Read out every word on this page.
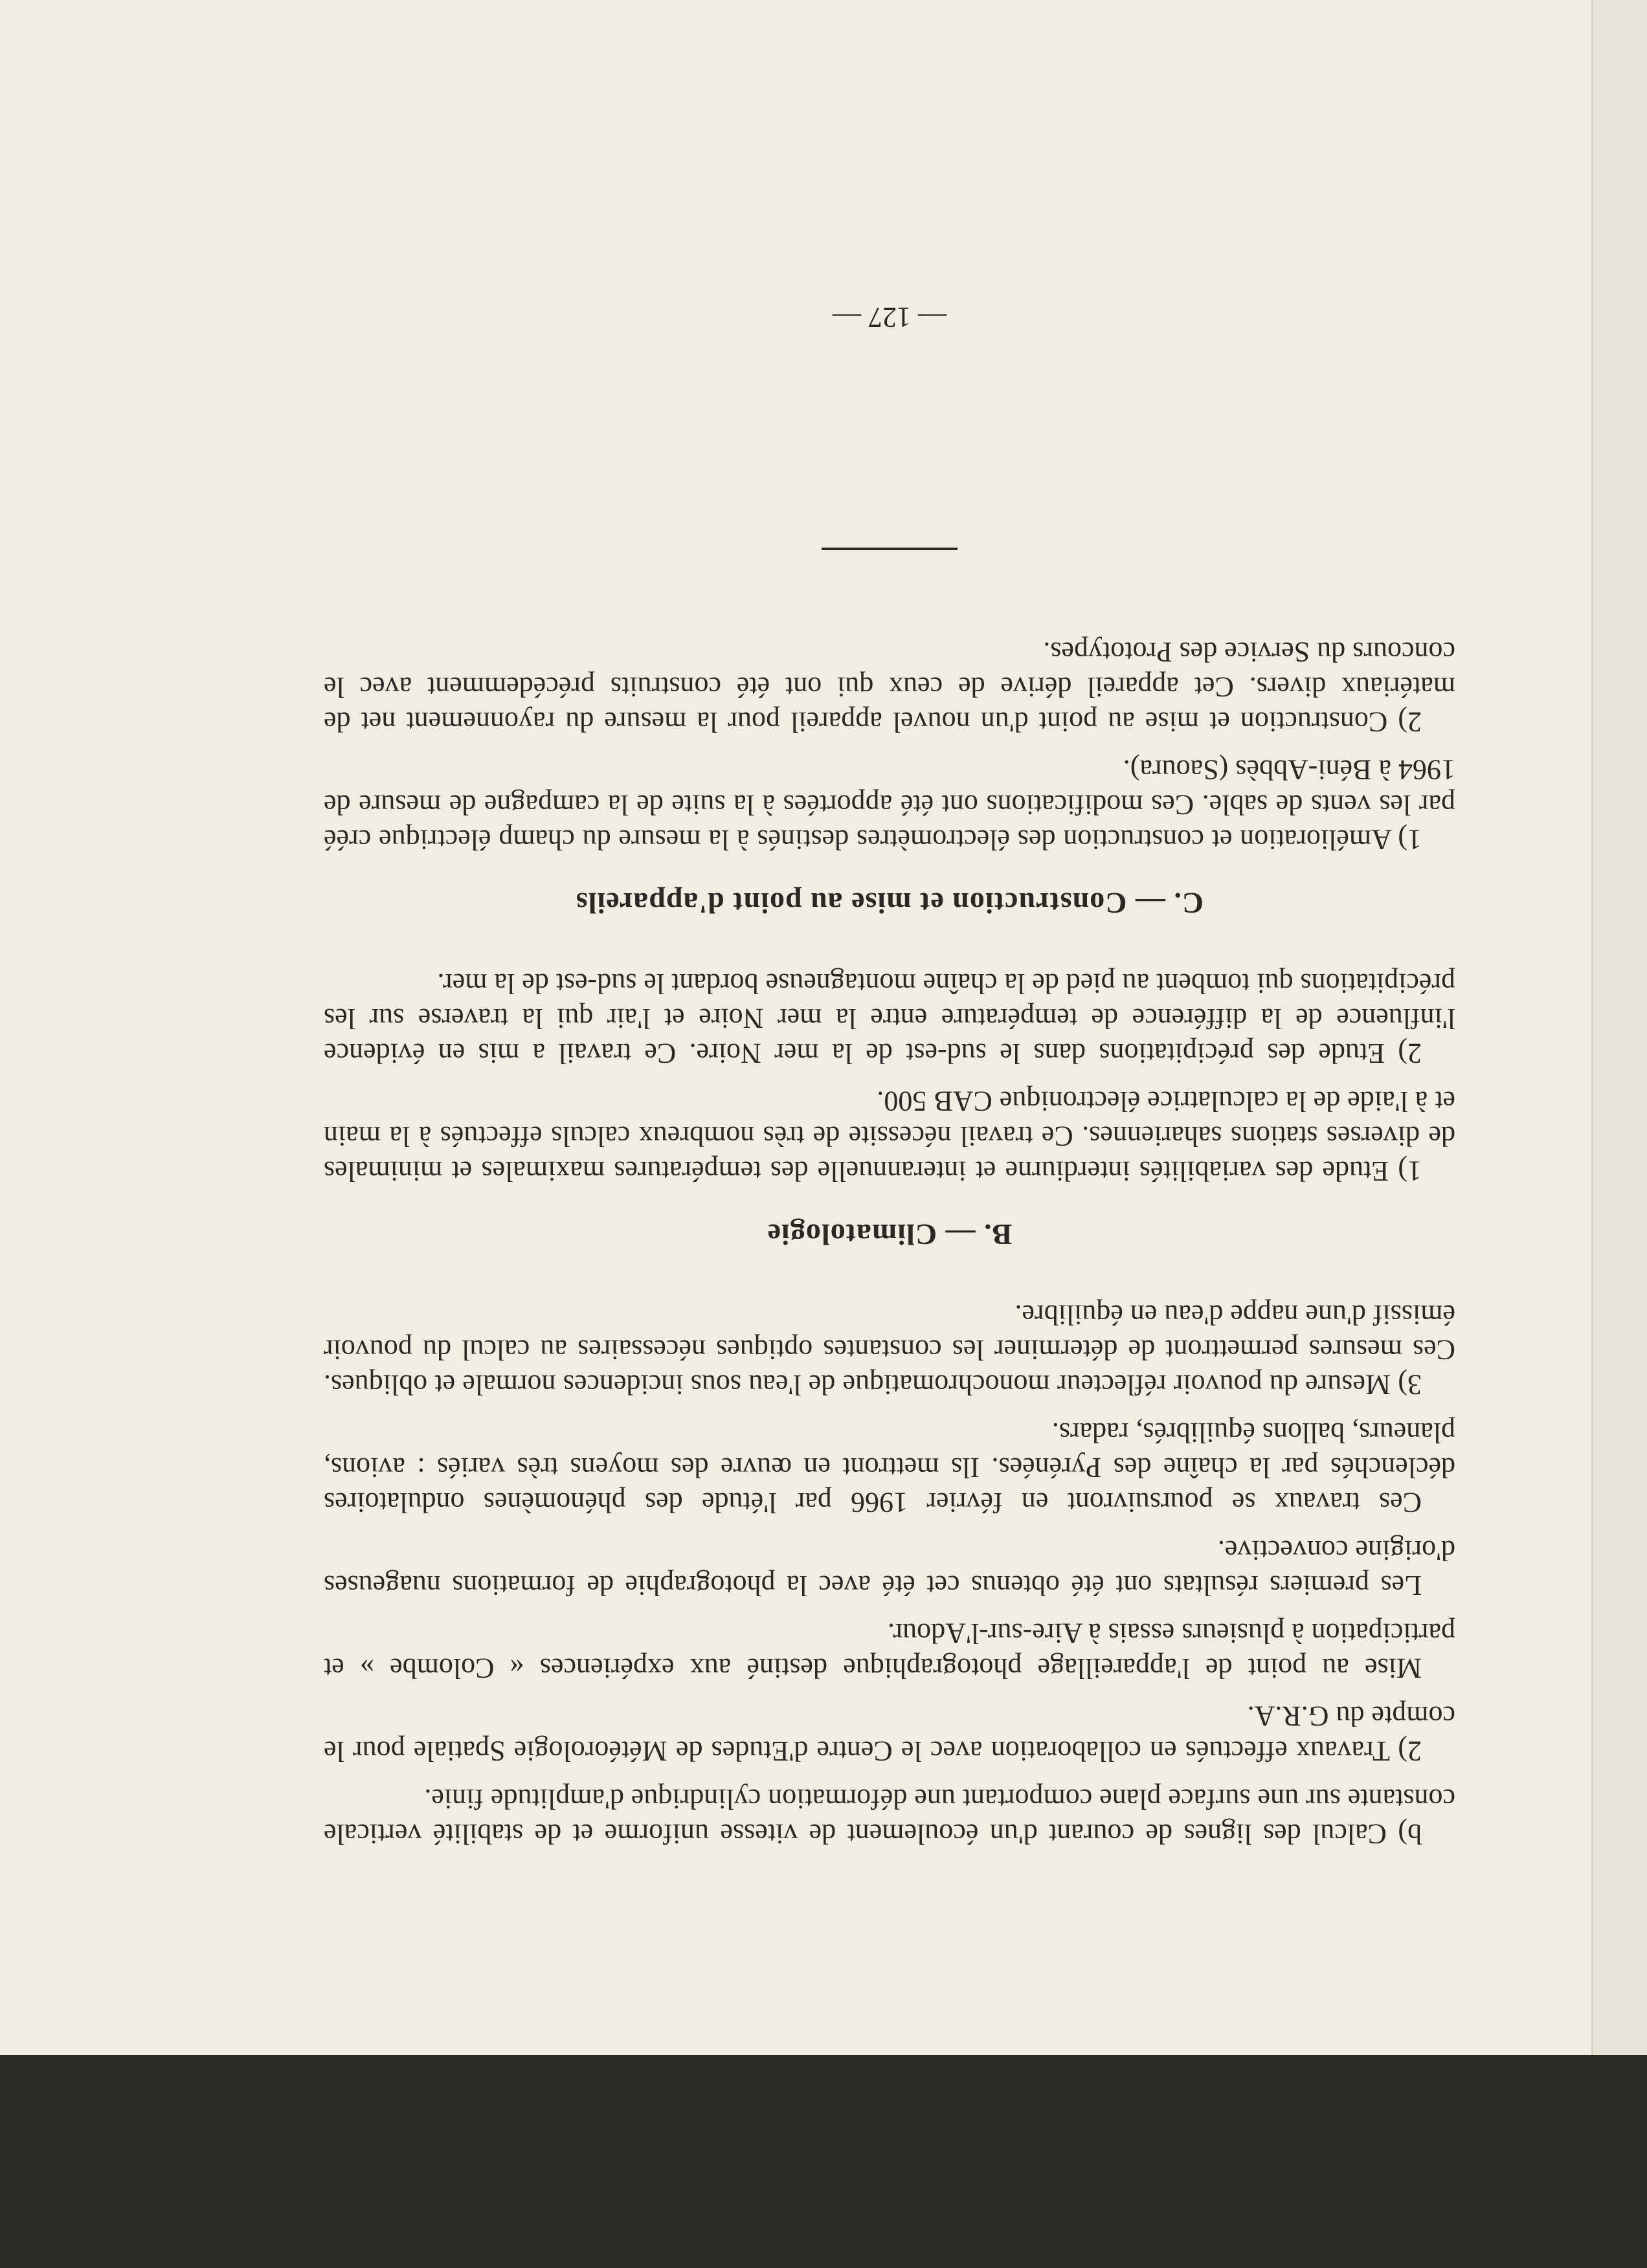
b) Calcul des lignes de courant d'un écoulement de vitesse uniforme et de stabilité verticale constante sur une surface plane comportant une déformation cylindrique d'amplitude finie.

2) Travaux effectués en collaboration avec le Centre d'Etudes de Météorologie Spatiale pour le compte du G.R.A.

Mise au point de l'appareillage photographique destiné aux expériences « Colombe » et participation à plusieurs essais à Aire-sur-l'Adour.

Les premiers résultats ont été obtenus cet été avec la photographie de formations nuageuses d'origine convective.

Ces travaux se poursuivront en février 1966 par l'étude des phénomènes ondulatoires déclenchés par la chaîne des Pyrénées. Ils mettront en œuvre des moyens très variés : avions, planeurs, ballons équilibrés, radars.

3) Mesure du pouvoir réflecteur monochromatique de l'eau sous incidences normale et obliques. Ces mesures permettront de déterminer les constantes optiques nécessaires au calcul du pouvoir émissif d'une nappe d'eau en équilibre.

B. — Climatologie

1) Etude des variabilités interdiurne et interannuelle des températures maximales et minimales de diverses stations sahariennes. Ce travail nécessite de très nombreux calculs effectués à la main et à l'aide de la calculatrice électronique CAB 500.

2) Etude des précipitations dans le sud-est de la mer Noire. Ce travail a mis en évidence l'influence de la différence de température entre la mer Noire et l'air qui la traverse sur les précipitations qui tombent au pied de la chaîne montagneuse bordant le sud-est de la mer.

C. — Construction et mise au point d'appareils

1) Amélioration et construction des électromètres destinés à la mesure du champ électrique créé par les vents de sable. Ces modifications ont été apportées à la suite de la campagne de mesure de 1964 à Béni-Abbès (Saoura).

2) Construction et mise au point d'un nouvel appareil pour la mesure du rayonnement net de matériaux divers. Cet appareil dérive de ceux qui ont été construits précédemment avec le concours du Service des Prototypes.

— 127 —
